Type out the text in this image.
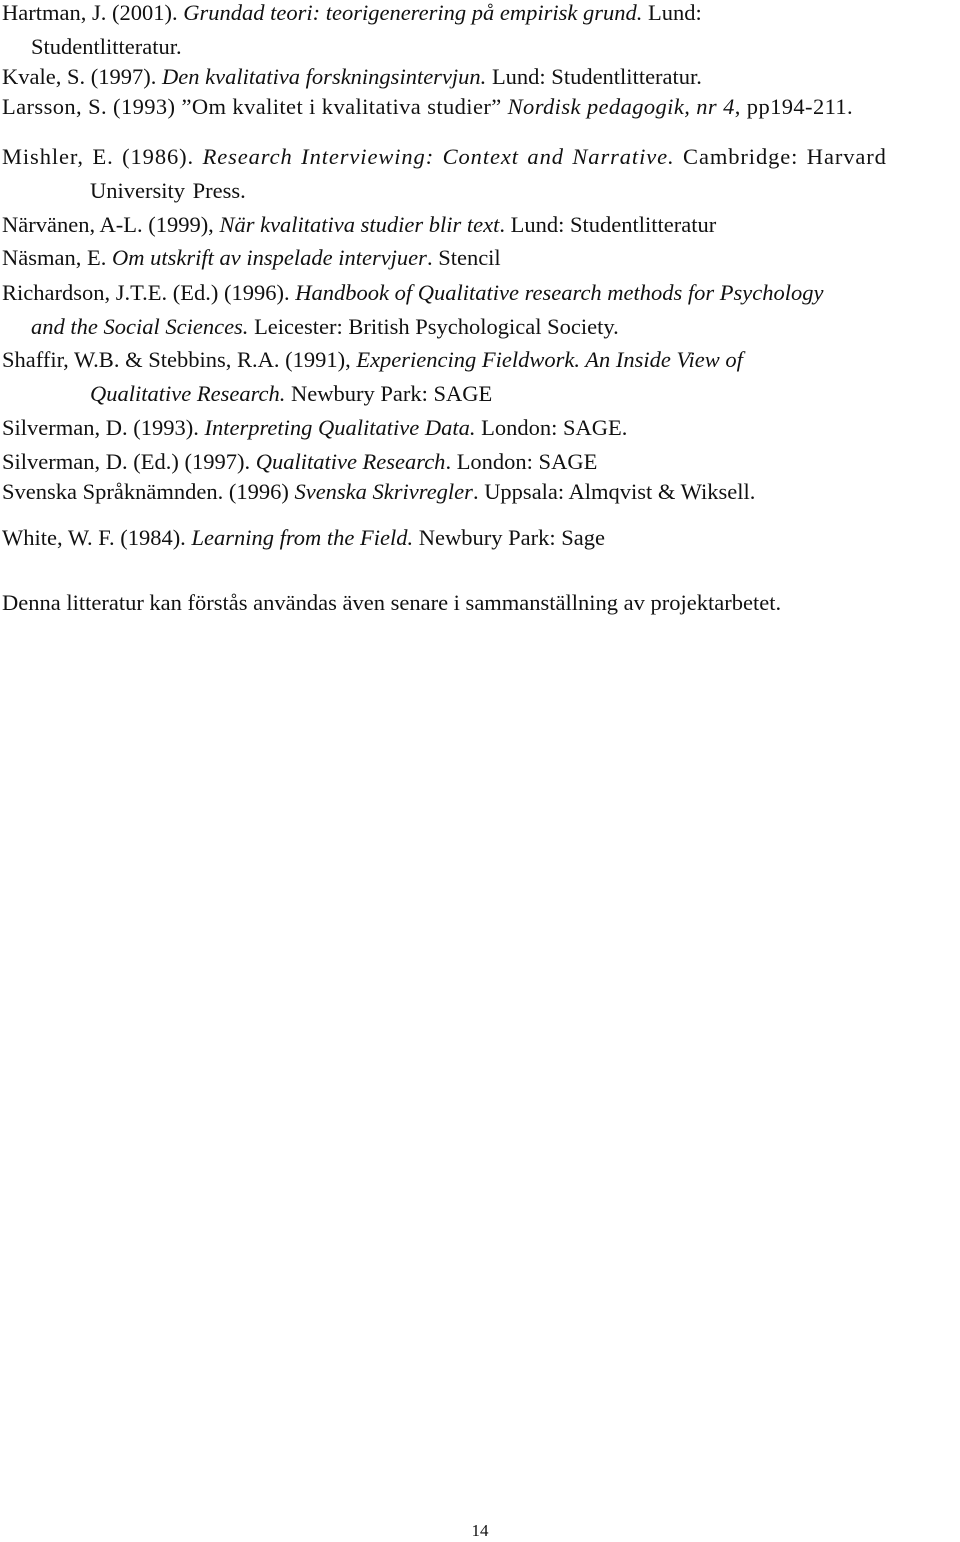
Hartman, J. (2001). Grundad teori: teorigenerering på empirisk grund. Lund:
Studentlitteratur.
Kvale, S. (1997). Den kvalitativa forskningsintervjun. Lund: Studentlitteratur.
Larsson, S. (1993) ”Om kvalitet i kvalitativa studier” Nordisk pedagogik, nr 4, pp194-211.
Mishler, E. (1986). Research Interviewing: Context and Narrative. Cambridge: Harvard
University Press.
Närvänen, A-L. (1999), När kvalitativa studier blir text. Lund: Studentlitteratur
Näsman, E. Om utskrift av inspelade intervjuer. Stencil
Richardson, J.T.E. (Ed.) (1996). Handbook of Qualitative research methods for Psychology
and the Social Sciences. Leicester: British Psychological Society.
Shaffir, W.B. & Stebbins, R.A. (1991), Experiencing Fieldwork. An Inside View of
Qualitative Research. Newbury Park: SAGE
Silverman, D. (1993). Interpreting Qualitative Data. London: SAGE.
Silverman, D. (Ed.) (1997). Qualitative Research. London: SAGE
Svenska Språknämnden. (1996) Svenska Skrivregler. Uppsala: Almqvist & Wiksell.
White, W. F. (1984). Learning from the Field. Newbury Park: Sage

Denna litteratur kan förstås användas även senare i sammanställning av projektarbetet.

14
